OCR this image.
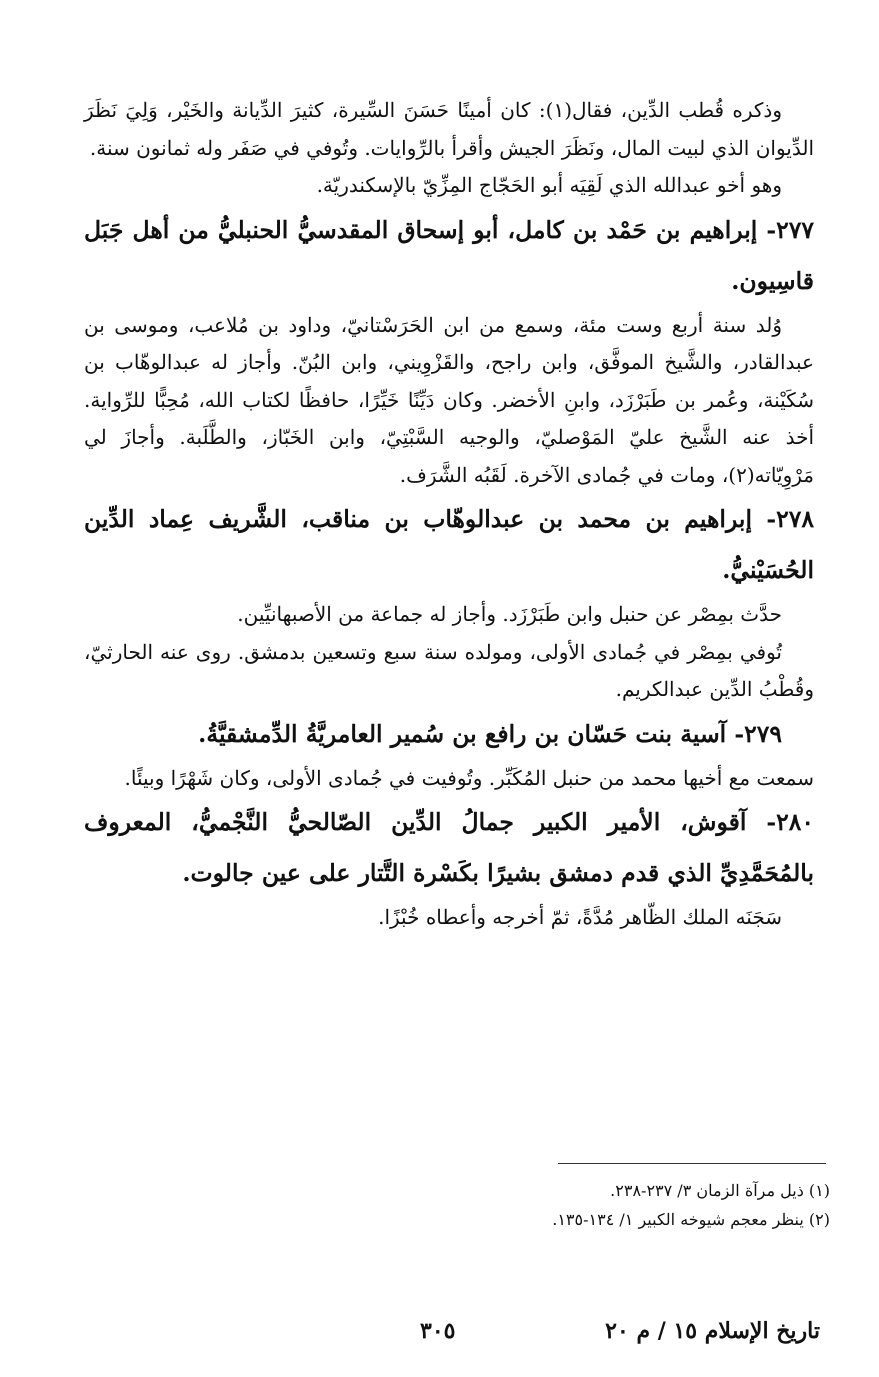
وذكره قُطب الدِّين، فقال(١): كان أمينًا حَسَنَ السِّيرة، كثيرَ الدِّيانة والخَيْر، وَلِيَ نَظَرَ الدِّيوان الذي لبيت المال، ونَظَرَ الجيش وأقرأ بالرِّوايات. وتُوفي في صَفَر وله ثمانون سنة.

وهو أخو عبدالله الذي لَقِيَه أبو الحَجّاج المِزِّيّ بالإسكندريّة.

٢٧٧- إبراهيم بن حَمْد بن كامل، أبو إسحاق المقدسيُّ الحنبليُّ من أهل جَبَل قاسِيون.

وُلد سنة أربع وست مئة، وسمع من ابن الحَرَسْتانيّ، وداود بن مُلاعب، وموسى بن عبدالقادر، والشَّيخ الموفَّق، وابن راجح، والقَزْوِيني، وابن البُنّ. وأجاز له عبدالوهّاب بن سُكَيْنة، وعُمر بن طَبَرْزَد، وابنِ الأخضر. وكان دَيِّنًا خَيِّرًا، حافظًا لكتاب الله، مُحِبًّا للرِّواية. أخذ عنه الشَّيخ عليّ المَوْصليّ، والوجيه السَّبْتِيّ، وابن الخَبّاز، والطَّلَبة. وأجازَ لي مَرْوِيّاته(٢)، ومات في جُمادى الآخرة. لَقَبُه الشَّرَف.

٢٧٨- إبراهيم بن محمد بن عبدالوهّاب بن مناقب، الشَّريف عِماد الدِّين الحُسَيْنيُّ.

حدَّث بمِصْر عن حنبل وابن طَبَرْزَد. وأجاز له جماعة من الأصبهانيِّين.

تُوفي بمِصْر في جُمادى الأولى، ومولده سنة سبع وتسعين بدمشق. روى عنه الحارثيّ، وقُطْبُ الدِّين عبدالكريم.

٢٧٩- آسية بنت حَسّان بن رافع بن سُمير العامريَّةُ الدِّمشقيَّةُ.

سمعت مع أخيها محمد من حنبل المُكَبِّر. وتُوفيت في جُمادى الأولى، وكان شَهْرًا وبيئًا.

٢٨٠- آقوش، الأمير الكبير جمالُ الدِّين الصّالحيُّ النَّجْميُّ، المعروف بالمُحَمَّدِيِّ الذي قدم دمشق بشيرًا بكَسْرة التَّتار على عين جالوت.

سَجَنَه الملك الظّاهر مُدَّةً، ثمّ أخرجه وأعطاه خُبْزًا.

(١) ذيل مرآة الزمان ٣/ ٢٣٧-٢٣٨.

(٢) ينظر معجم شيوخه الكبير ١/ ١٣٤-١٣٥.

تاريخ الإسلام ١٥ / م ٢٠
٣٠٥
